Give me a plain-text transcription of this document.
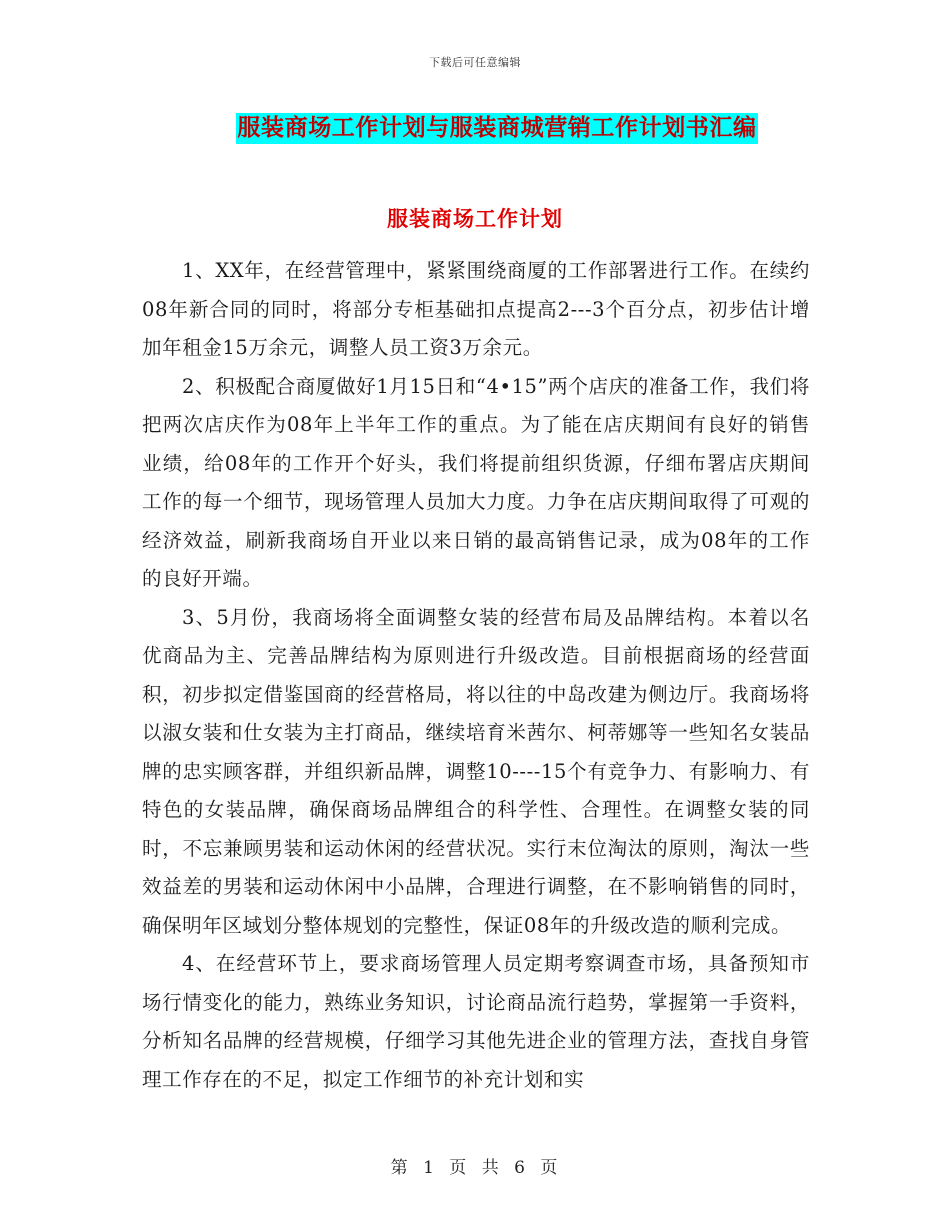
下载后可任意编辑
服装商场工作计划与服装商城营销工作计划书汇编
服装商场工作计划

1、XX年，在经营管理中，紧紧围绕商厦的工作部署进行工作。在续约08年新合同的同时，将部分专柜基础扣点提高2---3个百分点，初步估计增加年租金15万余元，调整人员工资3万余元。

2、积极配合商厦做好1月15日和“4•15”两个店庆的准备工作，我们将把两次店庆作为08年上半年工作的重点。为了能在店庆期间有良好的销售业绩，给08年的工作开个好头，我们将提前组织货源，仔细布署店庆期间工作的每一个细节，现场管理人员加大力度。力争在店庆期间取得了可观的经济效益，刷新我商场自开业以来日销的最高销售记录，成为08年的工作的良好开端。

3、5月份，我商场将全面调整女装的经营布局及品牌结构。本着以名优商品为主、完善品牌结构为原则进行升级改造。目前根据商场的经营面积，初步拟定借鉴国商的经营格局，将以往的中岛改建为侧边厅。我商场将以淑女装和仕女装为主打商品，继续培育米茜尔、柯蒂娜等一些知名女装品牌的忠实顾客群，并组织新品牌，调整10----15个有竞争力、有影响力、有特色的女装品牌，确保商场品牌组合的科学性、合理性。在调整女装的同时，不忘兼顾男装和运动休闲的经营状况。实行末位淘汰的原则，淘汰一些效益差的男装和运动休闲中小品牌，合理进行调整，在不影响销售的同时，确保明年区域划分整体规划的完整性，保证08年的升级改造的顺利完成。

4、在经营环节上，要求商场管理人员定期考察调查市场，具备预知市场行情变化的能力，熟练业务知识，讨论商品流行趋势，掌握第一手资料，分析知名品牌的经营规模，仔细学习其他先进企业的管理方法，查找自身管理工作存在的不足，拟定工作细节的补充计划和实

第 1 页 共 6 页
